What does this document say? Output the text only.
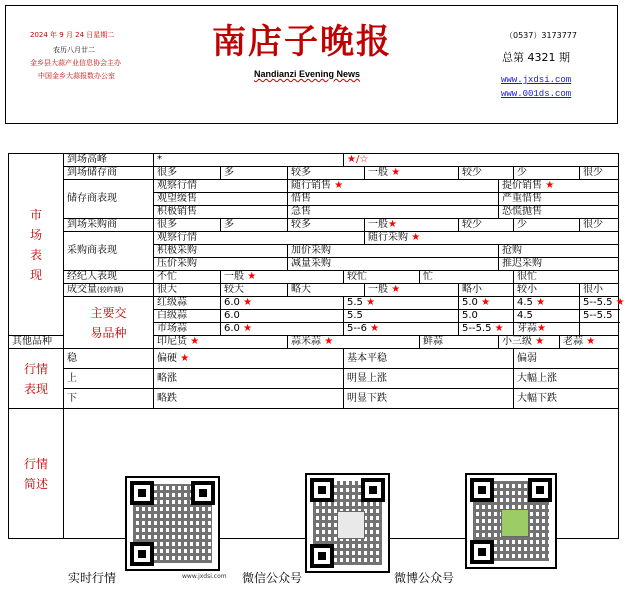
2024 年 9 月 24 日星期二
农历八月廿二
金乡县大蒜产业信息协会主办
中国金乡大蒜报数办公室
南店子晚报
Nandianzi Evening News
（0537）3173777
总第 4321 期
www.jxdsi.com
www.001ds.com
市
场
表
现	到场高峰	*			★/☆							
	到场储存商	很多	多	较多		一般 ★		较少		少		很少
	储存商表现	观察行情		随行销售 ★					提价销售 ★			
		观望缓售		惜售					严重惜售			
		积极销售		急售					恐慌抛售			
	到场采购商	很多	多	较多		一般★		较少		少		很少
	采购商表现	观察行情				随行采购 ★						
		积极采购		加价采购					抢购			
		压价采购		减量采购					推迟采购			
	经纪人表现	不忙	一般 ★		较忙		忙			很忙		
	成交量(较昨期)	很大	较大	略大		一般 ★		略小		较小		很小
	主要交
易品种	红级蒜	6.0 ★		5.5 ★			5.0 ★		4.5 ★		5--5.5 ★
		白级蒜	6.0		5.5			5.0		4.5		5--5.5
		市场蒜	6.0 ★		5--6 ★			5--5.5 ★		芽蒜★		
其他品种		印尼货 ★		蒜米蒜 ★			鲜蒜		小三级 ★		老蒜 ★	
行情
表现	稳	偏硬 ★			基本平稳					偏弱		
	上	略涨			明显上涨					大幅上涨		
	下	略跌			明显下跌					大幅下跌		
行情
简述												
实时行情	www.jxdsi.com 微信公众号	微博公众号
